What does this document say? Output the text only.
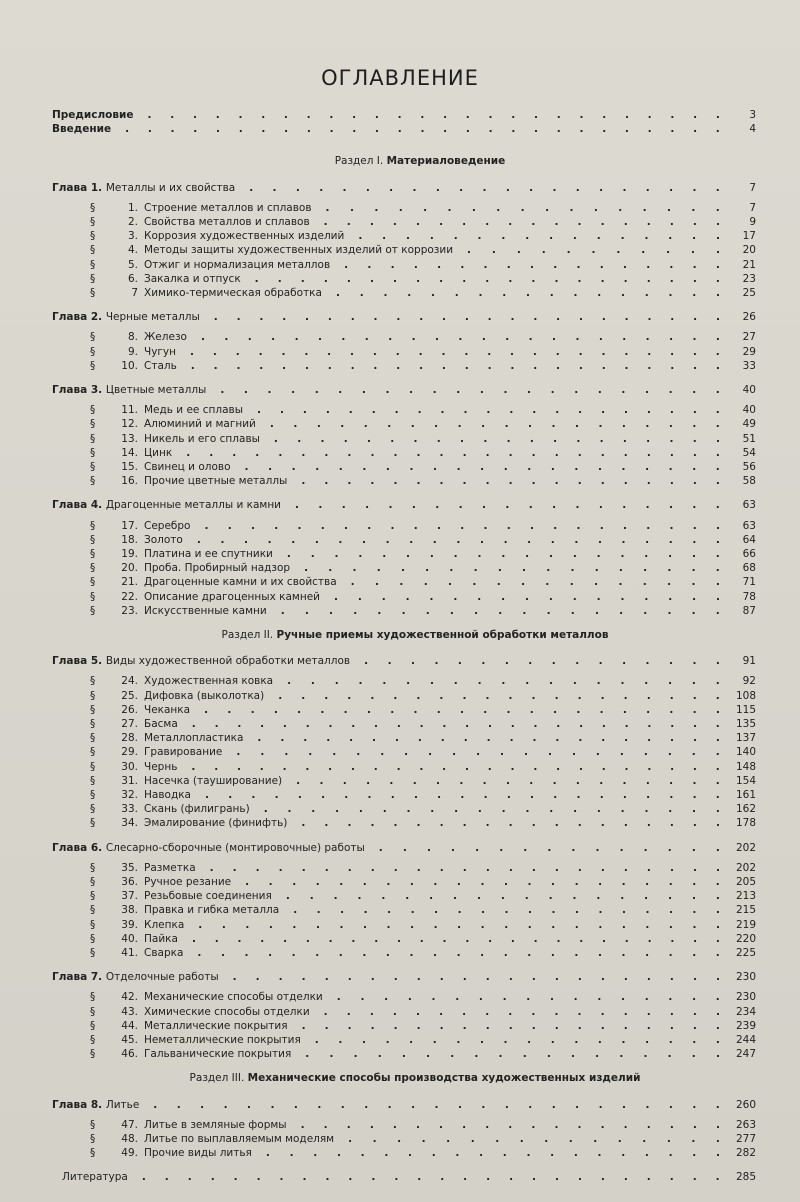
ОГЛАВЛЕНИЕ
Предисловие	3
. . . . . . . . . . . . . . . . . . . . . . . . . .
Введение	4
. . . . . . . . . . . . . . . . . . . . . . . . . . .
Раздел I. Материаловедение
Глава 1. Металлы и их свойства	7
. . . . . . . . . . . . . . . . . . . . .
§	1. Строение металлов и сплавов	7
. . . . . . . . . . . . . . . . .
§	2. Свойства металлов и сплавов	9
. . . . . . . . . . . . . . . . . .
§	3. Коррозия художественных изделий	17
. . . . . . . . . . . . . . . .
§	4. Методы защиты художественных изделий от коррозии	20
. . . . . . . . . . .
§	5. Отжиг и нормализация металлов	21
. . . . . . . . . . . . . . . . .
§	6. Закалка и отпуск	23
. . . . . . . . . . . . . . . . . . . . .
§	7 Химико-термическая обработка	25
. . . . . . . . . . . . . . . . .
Глава 2. Черные металлы	26
. . . . . . . . . . . . . . . . . . . . . . .
§	8. Железо	27
. . . . . . . . . . . . . . . . . . . . . . .
§	9. Чугун	29
. . . . . . . . . . . . . . . . . . . . . . . .
§ 10. Сталь	33
. . . . . . . . . . . . . . . . . . . . . . . .
Глава 3. Цветные металлы	40
. . . . . . . . . . . . . . . . . . . . . .
§ 11. Медь и ее сплавы	40
. . . . . . . . . . . . . . . . . . . . .
§ 12. Алюминий и магний	49
. . . . . . . . . . . . . . . . . . . .
§ 13. Никель и его сплавы	51
. . . . . . . . . . . . . . . . . . . .
§ 14. Цинк	54
. . . . . . . . . . . . . . . . . . . . . . . .
§ 15. Свинец и олово	56
. . . . . . . . . . . . . . . . . . . . .
§ 16. Прочие цветные металлы	58
. . . . . . . . . . . . . . . . . . .
Глава 4. Драгоценные металлы и камни	63
. . . . . . . . . . . . . . . . . . .
§ 17. Серебро	63
. . . . . . . . . . . . . . . . . . . . . . .
§ 18. Золото	64
. . . . . . . . . . . . . . . . . . . . . . .
§ 19. Платина и ее спутники	66
. . . . . . . . . . . . . . . . . . .
§ 20. Проба. Пробирный надзор	68
. . . . . . . . . . . . . . . . . .
§ 21. Драгоценные камни и их свойства	71
. . . . . . . . . . . . . . . .
§ 22. Описание драгоценных камней	78
. . . . . . . . . . . . . . . . .
§ 23. Искусственные камни	87
. . . . . . . . . . . . . . . . . . .
Раздел II. Ручные приемы художественной обработки металлов
Глава 5. Виды художественной обработки металлов	91
. . . . . . . . . . . . . . . .
§ 24. Художественная ковка	92
. . . . . . . . . . . . . . . . . . .
§ 25. Дифовка (выколотка)	108
. . . . . . . . . . . . . . . . . . . .
§ 26. Чеканка	115
. . . . . . . . . . . . . . . . . . . . . . .
§ 27. Басма	135
. . . . . . . . . . . . . . . . . . . . . . . .
§ 28. Металлопластика	137
. . . . . . . . . . . . . . . . . . . . .
§ 29. Гравирование	140
. . . . . . . . . . . . . . . . . . . . .
§ 30. Чернь	148
. . . . . . . . . . . . . . . . . . . . . . . .
§ 31. Насечка (тауширование)	154
. . . . . . . . . . . . . . . . . . .
§ 32. Наводка	161
. . . . . . . . . . . . . . . . . . . . . . .
§ 33. Скань (филигрань)	162
. . . . . . . . . . . . . . . . . . . .
§ 34. Эмалирование (финифть)	178
. . . . . . . . . . . . . . . . . . .
Глава 6. Слесарно-сборочные (монтировочные) работы	202
. . . . . . . . . . . . . . .
§ 35. Разметка	202
. . . . . . . . . . . . . . . . . . . . . . .
§ 36. Ручное резание	205
. . . . . . . . . . . . . . . . . . . . .
§ 37. Резьбовые соединения	213
. . . . . . . . . . . . . . . . . . .
§ 38. Правка и гибка металла	215
. . . . . . . . . . . . . . . . . . .
§ 39. Клепка	219
. . . . . . . . . . . . . . . . . . . . . . .
§ 40. Пайка	220
. . . . . . . . . . . . . . . . . . . . . . . .
§ 41. Сварка	225
. . . . . . . . . . . . . . . . . . . . . . .
Глава 7. Отделочные работы	230
. . . . . . . . . . . . . . . . . . . . . .
§ 42. Механические способы отделки	230
. . . . . . . . . . . . . . . . .
§ 43. Химические способы отделки	234
. . . . . . . . . . . . . . . . . .
§ 44. Металлические покрытия	239
. . . . . . . . . . . . . . . . . . .
§ 45. Неметаллические покрытия	244
. . . . . . . . . . . . . . . . . .
§ 46. Гальванические покрытия	247
. . . . . . . . . . . . . . . . . .
Раздел III. Механические способы производства художественных изделий
Глава 8. Литье	260
. . . . . . . . . . . . . . . . . . . . . . . . .
§ 47. Литье в земляные формы	263
. . . . . . . . . . . . . . . . . . .
§ 48. Литье по выплавляемым моделям	277
. . . . . . . . . . . . . . . .
§ 49. Прочие виды литья	282
. . . . . . . . . . . . . . . . . . . .
Литература	285
. . . . . . . . . . . . . . . . . . . . . . . . . .
